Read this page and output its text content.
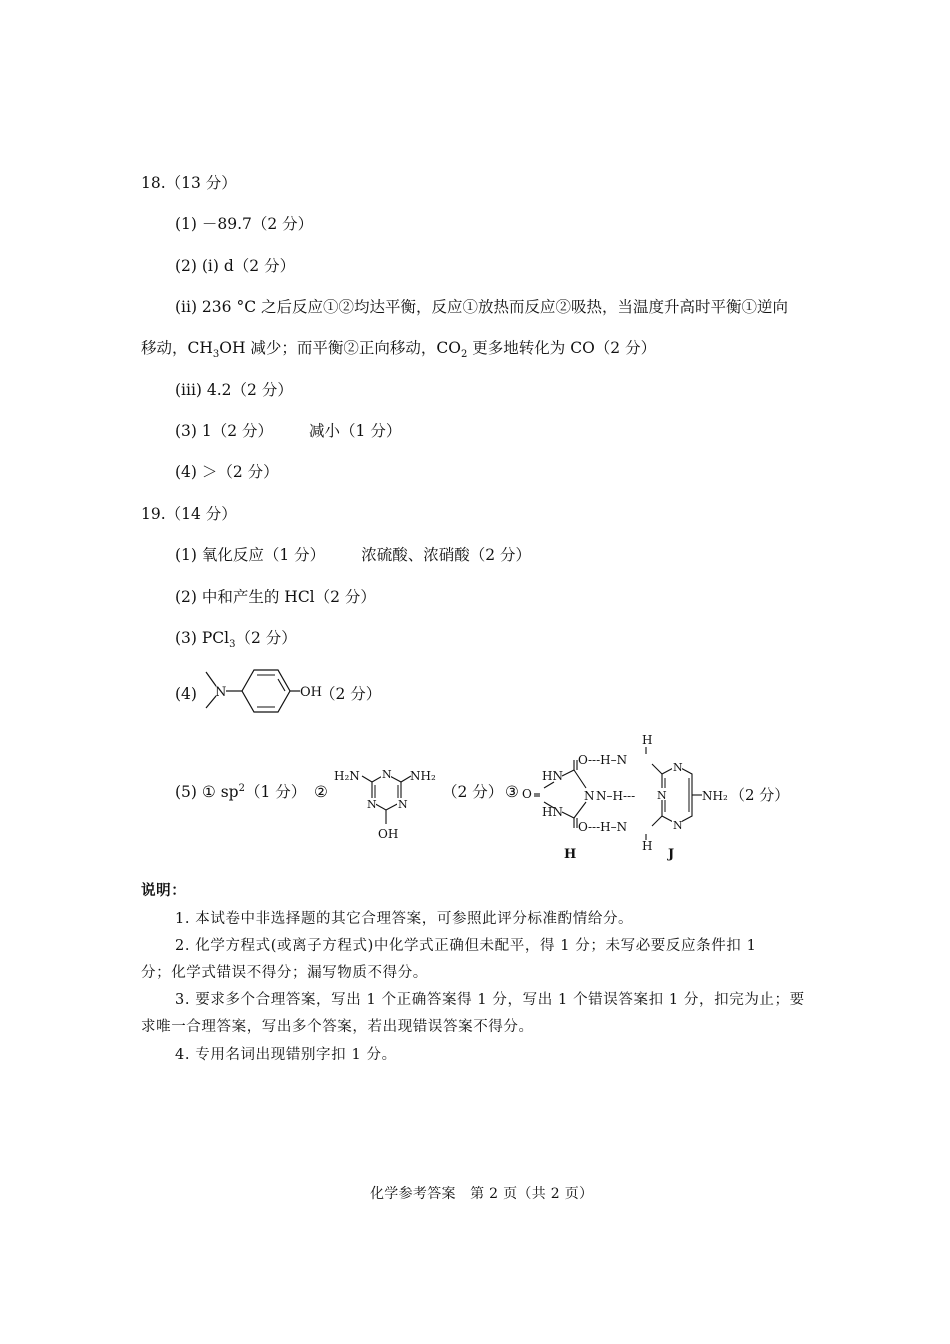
18.（13 分）
(1) －89.7（2 分）
(2) (i) d（2 分）
(ii) 236 °C 之后反应①②均达平衡，反应①放热而反应②吸热，当温度升高时平衡①逆向
移动，$CH_3OH$ 减少；而平衡②正向移动，$CO_2$ 更多地转化为 CO（2 分）
(iii) 4.2（2 分）
(3) 1（2 分） 减小（1 分）
(4) ＞（2 分）
19.（14 分）
(1) 氧化反应（1 分） 浓硫酸、浓硝酸（2 分）
(2) 中和产生的 HCl（2 分）
(3) PCl$_3$（2 分）
(4) N	OH
（2 分）
(5) ① $sp^2(1$ 分） ②
H₂N	NH₂
N
N N
OH
（2 分） ③
HN
HN
O	N
O
O
---H–N
N–H---
---H–N
H
H
N
N
N	NH₂ （2 分）
H	J
说明：
1. 本试卷中非选择题的其它合理答案，可参照此评分标准酌情给分。
2. 化学方程式(或离子方程式)中化学式正确但未配平，得 1 分；未写必要反应条件扣 1
分；化学式错误不得分；漏写物质不得分。
3. 要求多个合理答案，写出 1 个正确答案得 1 分，写出 1 个错误答案扣 1 分，扣完为止；要
求唯一合理答案，写出多个答案，若出现错误答案不得分。
4. 专用名词出现错别字扣 1 分。
化学参考答案　第 2 页（共 2 页）
